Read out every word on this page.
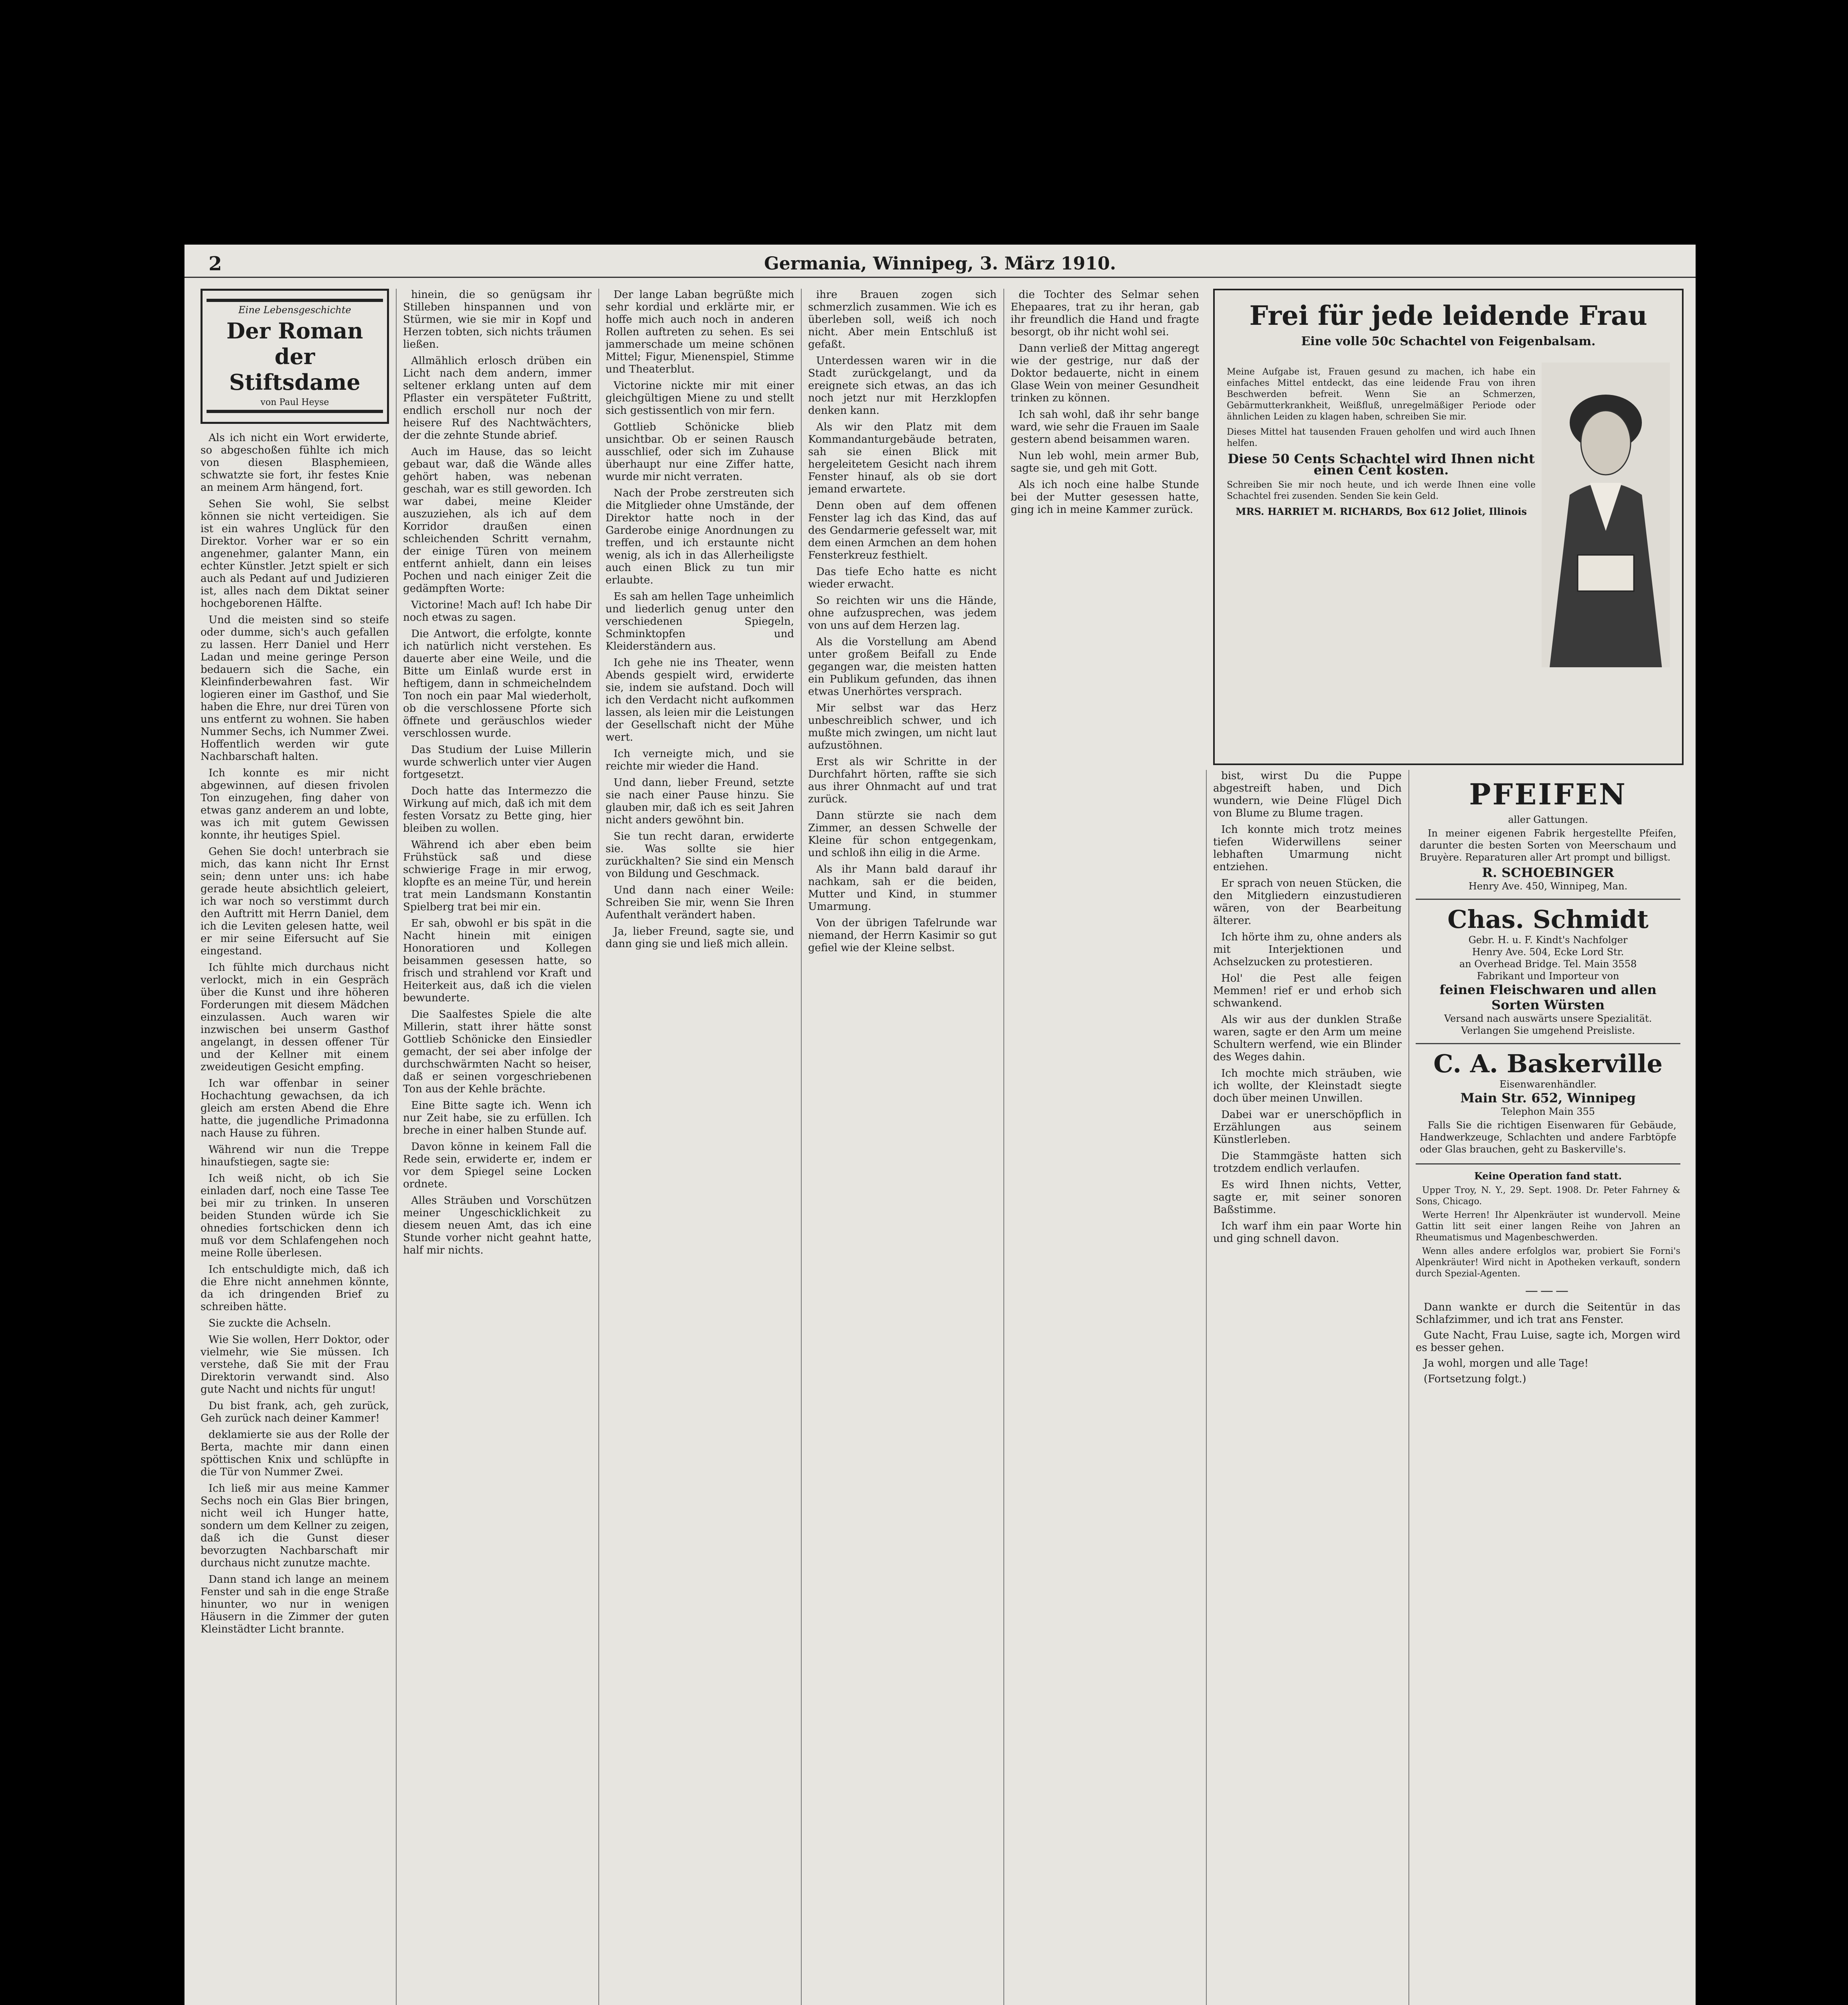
2	Germania, Winnipeg, 3. März 1910.
Eine Lebensgeschichte
Der Roman der Stiftsdame
von Paul Heyse

Als ich nicht ein Wort erwiderte, so abgeschoßen fühlte ich mich von diesen Blasphemieen, schwatzte sie fort, ihr festes Knie an meinem Arm hängend, fort.

Sehen Sie wohl, Sie selbst können sie nicht verteidigen. Sie ist ein wahres Unglück für den Direktor. Vorher war er so ein angenehmer, galanter Mann, ein echter Künstler. Jetzt spielt er sich auch als Pedant auf und Judizieren ist, alles nach dem Diktat seiner hochgeborenen Hälfte.

Und die meisten sind so steife oder dumme, sich's auch gefallen zu lassen. Herr Daniel und Herr Ladan und meine geringe Person bedauern sich die Sache, ein Kleinfinderbewahren fast. Wir logieren einer im Gasthof, und Sie haben die Ehre, nur drei Türen von uns entfernt zu wohnen. Sie haben Nummer Sechs, ich Nummer Zwei. Hoffentlich werden wir gute Nachbarschaft halten.

Ich konnte es mir nicht abgewinnen, auf diesen frivolen Ton einzugehen, fing daher von etwas ganz anderem an und lobte, was ich mit gutem Gewissen konnte, ihr heutiges Spiel.

Gehen Sie doch! unterbrach sie mich, das kann nicht Ihr Ernst sein; denn unter uns: ich habe gerade heute absichtlich geleiert, ich war noch so verstimmt durch den Auftritt mit Herrn Daniel, dem ich die Leviten gelesen hatte, weil er mir seine Eifersucht auf Sie eingestand.

Ich fühlte mich durchaus nicht verlockt, mich in ein Gespräch über die Kunst und ihre höheren Forderungen mit diesem Mädchen einzulassen. Auch waren wir inzwischen bei unserm Gasthof angelangt, in dessen offener Tür und der Kellner mit einem zweideutigen Gesicht empfing.

Ich war offenbar in seiner Hochachtung gewachsen, da ich gleich am ersten Abend die Ehre hatte, die jugendliche Primadonna nach Hause zu führen.

Während wir nun die Treppe hinaufstiegen, sagte sie:

Ich weiß nicht, ob ich Sie einladen darf, noch eine Tasse Tee bei mir zu trinken. In unseren beiden Stunden würde ich Sie ohnedies fortschicken denn ich muß vor dem Schlafengehen noch meine Rolle überlesen.

Ich entschuldigte mich, daß ich die Ehre nicht annehmen könnte, da ich dringenden Brief zu schreiben hätte.

Sie zuckte die Achseln.

Wie Sie wollen, Herr Doktor, oder vielmehr, wie Sie müssen. Ich verstehe, daß Sie mit der Frau Direktorin verwandt sind. Also gute Nacht und nichts für ungut!

Du bist frank, ach, geh zurück, Geh zurück nach deiner Kammer!

deklamierte sie aus der Rolle der Berta, machte mir dann einen spöttischen Knix und schlüpfte in die Tür von Nummer Zwei.

Ich ließ mir aus meine Kammer Sechs noch ein Glas Bier bringen, nicht weil ich Hunger hatte, sondern um dem Kellner zu zeigen, daß ich die Gunst dieser bevorzugten Nachbarschaft mir durchaus nicht zunutze machte.

Dann stand ich lange an meinem Fenster und sah in die enge Straße hinunter, wo nur in wenigen Häusern in die Zimmer der guten Kleinstädter Licht brannte.

hinein, die so genügsam ihr Stilleben hinspannen und von Stürmen, wie sie mir in Kopf und Herzen tobten, sich nichts träumen ließen.

Allmählich erlosch drüben ein Licht nach dem andern, immer seltener erklang unten auf dem Pflaster ein verspäteter Fußtritt, endlich erscholl nur noch der heisere Ruf des Nachtwächters, der die zehnte Stunde abrief.

Auch im Hause, das so leicht gebaut war, daß die Wände alles gehört haben, was nebenan geschah, war es still geworden. Ich war dabei, meine Kleider auszuziehen, als ich auf dem Korridor draußen einen schleichenden Schritt vernahm, der einige Türen von meinem entfernt anhielt, dann ein leises Pochen und nach einiger Zeit die gedämpften Worte:

Victorine! Mach auf! Ich habe Dir noch etwas zu sagen.

Die Antwort, die erfolgte, konnte ich natürlich nicht verstehen. Es dauerte aber eine Weile, und die Bitte um Einlaß wurde erst in heftigem, dann in schmeichelndem Ton noch ein paar Mal wiederholt, ob die verschlossene Pforte sich öffnete und geräuschlos wieder verschlossen wurde.

Das Studium der Luise Millerin wurde schwerlich unter vier Augen fortgesetzt.

Doch hatte das Intermezzo die Wirkung auf mich, daß ich mit dem festen Vorsatz zu Bette ging, hier bleiben zu wollen.

Während ich aber eben beim Frühstück saß und diese schwierige Frage in mir erwog, klopfte es an meine Tür, und herein trat mein Landsmann Konstantin Spielberg trat bei mir ein.

Er sah, obwohl er bis spät in die Nacht hinein mit einigen Honoratioren und Kollegen beisammen gesessen hatte, so frisch und strahlend vor Kraft und Heiterkeit aus, daß ich die vielen bewunderte.

Die Saalfestes Spiele die alte Millerin, statt ihrer hätte sonst Gottlieb Schönicke den Einsiedler gemacht, der sei aber infolge der durchschwärmten Nacht so heiser, daß er seinen vorgeschriebenen Ton aus der Kehle brächte.

Eine Bitte sagte ich. Wenn ich nur Zeit habe, sie zu erfüllen. Ich breche in einer halben Stunde auf.

Davon könne in keinem Fall die Rede sein, erwiderte er, indem er vor dem Spiegel seine Locken ordnete.

Alles Sträuben und Vorschützen meiner Ungeschicklichkeit zu diesem neuen Amt, das ich eine Stunde vorher nicht geahnt hatte, half mir nichts.

Der lange Laban begrüßte mich sehr kordial und erklärte mir, er hoffe mich auch noch in anderen Rollen auftreten zu sehen. Es sei jammerschade um meine schönen Mittel; Figur, Mienenspiel, Stimme und Theaterblut.

Victorine nickte mir mit einer gleichgültigen Miene zu und stellt sich gestissentlich von mir fern.

Gottlieb Schönicke blieb unsichtbar. Ob er seinen Rausch ausschlief, oder sich im Zuhause überhaupt nur eine Ziffer hatte, wurde mir nicht verraten.

Nach der Probe zerstreuten sich die Mitglieder ohne Umstände, der Direktor hatte noch in der Garderobe einige Anordnungen zu treffen, und ich erstaunte nicht wenig, als ich in das Allerheiligste auch einen Blick zu tun mir erlaubte.

Es sah am hellen Tage unheimlich und liederlich genug unter den verschiedenen Spiegeln, Schminktopfen und Kleiderständern aus.

Ich gehe nie ins Theater, wenn Abends gespielt wird, erwiderte sie, indem sie aufstand. Doch will ich den Verdacht nicht aufkommen lassen, als leien mir die Leistungen der Gesellschaft nicht der Mühe wert.

Ich verneigte mich, und sie reichte mir wieder die Hand.

Und dann, lieber Freund, setzte sie nach einer Pause hinzu. Sie glauben mir, daß ich es seit Jahren nicht anders gewöhnt bin.

Sie tun recht daran, erwiderte sie. Was sollte sie hier zurückhalten? Sie sind ein Mensch von Bildung und Geschmack.

Und dann nach einer Weile: Schreiben Sie mir, wenn Sie Ihren Aufenthalt verändert haben.

Ja, lieber Freund, sagte sie, und dann ging sie und ließ mich allein.

ihre Brauen zogen sich schmerzlich zusammen. Wie ich es überleben soll, weiß ich noch nicht. Aber mein Entschluß ist gefaßt.

Unterdessen waren wir in die Stadt zurückgelangt, und da ereignete sich etwas, an das ich noch jetzt nur mit Herzklopfen denken kann.

Als wir den Platz mit dem Kommandanturgebäude betraten, sah sie einen Blick mit hergeleitetem Gesicht nach ihrem Fenster hinauf, als ob sie dort jemand erwartete.

Denn oben auf dem offenen Fenster lag ich das Kind, das auf des Gendarmerie gefesselt war, mit dem einen Armchen an dem hohen Fensterkreuz festhielt.

Das tiefe Echo hatte es nicht wieder erwacht.

So reichten wir uns die Hände, ohne aufzusprechen, was jedem von uns auf dem Herzen lag.

Als die Vorstellung am Abend unter großem Beifall zu Ende gegangen war, die meisten hatten ein Publikum gefunden, das ihnen etwas Unerhörtes versprach.

Mir selbst war das Herz unbeschreiblich schwer, und ich mußte mich zwingen, um nicht laut aufzustöhnen.

Erst als wir Schritte in der Durchfahrt hörten, raffte sie sich aus ihrer Ohnmacht auf und trat zurück.

Dann stürzte sie nach dem Zimmer, an dessen Schwelle der Kleine für schon entgegenkam, und schloß ihn eilig in die Arme.

Als ihr Mann bald darauf ihr nachkam, sah er die beiden, Mutter und Kind, in stummer Umarmung.

Von der übrigen Tafelrunde war niemand, der Herrn Kasimir so gut gefiel wie der Kleine selbst.

die Tochter des Selmar sehen Ehepaares, trat zu ihr heran, gab ihr freundlich die Hand und fragte besorgt, ob ihr nicht wohl sei.

Dann verließ der Mittag angeregt wie der gestrige, nur daß der Doktor bedauerte, nicht in einem Glase Wein von meiner Gesundheit trinken zu können.

Ich sah wohl, daß ihr sehr bange ward, wie sehr die Frauen im Saale gestern abend beisammen waren.

Nun leb wohl, mein armer Bub, sagte sie, und geh mit Gott.

Als ich noch eine halbe Stunde bei der Mutter gesessen hatte, ging ich in meine Kammer zurück.

Frei für jede leidende Frau
Eine volle 50c Schachtel von Feigenbalsam.

Meine Aufgabe ist, Frauen gesund zu machen, ich habe ein einfaches Mittel entdeckt, das eine leidende Frau von ihren Beschwerden befreit. Wenn Sie an Schmerzen, Gebärmutterkrankheit, Weißfluß, unregelmäßiger Periode oder ähnlichen Leiden zu klagen haben, schreiben Sie mir.

Dieses Mittel hat tausenden Frauen geholfen und wird auch Ihnen helfen.

Diese 50 Cents Schachtel wird Ihnen nicht einen Cent kosten.

Schreiben Sie mir noch heute, und ich werde Ihnen eine volle Schachtel frei zusenden. Senden Sie kein Geld.

MRS. HARRIET M. RICHARDS, Box 612 Joliet, Illinois

bist, wirst Du die Puppe abgestreift haben, und Dich wundern, wie Deine Flügel Dich von Blume zu Blume tragen.

Ich konnte mich trotz meines tiefen Widerwillens seiner lebhaften Umarmung nicht entziehen.

Er sprach von neuen Stücken, die den Mitgliedern einzustudieren wären, von der Bearbeitung älterer.

Ich hörte ihm zu, ohne anders als mit Interjektionen und Achselzucken zu protestieren.

Hol' die Pest alle feigen Memmen! rief er und erhob sich schwankend.

Als wir aus der dunklen Straße waren, sagte er den Arm um meine Schultern werfend, wie ein Blinder des Weges dahin.

Ich mochte mich sträuben, wie ich wollte, der Kleinstadt siegte doch über meinen Unwillen.

Dabei war er unerschöpflich in Erzählungen aus seinem Künstlerleben.

Die Stammgäste hatten sich trotzdem endlich verlaufen.

Es wird Ihnen nichts, Vetter, sagte er, mit seiner sonoren Baßstimme.

Ich warf ihm ein paar Worte hin und ging schnell davon.

PFEIFEN
aller Gattungen.

In meiner eigenen Fabrik hergestellte Pfeifen, darunter die besten Sorten von Meerschaum und Bruyère. Reparaturen aller Art prompt und billigst.

R. SCHOEBINGER
Henry Ave. 450, Winnipeg, Man.
Chas. Schmidt
Gebr. H. u. F. Kindt's Nachfolger
Henry Ave. 504, Ecke Lord Str.
an Overhead Bridge. Tel. Main 3558
Fabrikant und Importeur von
feinen Fleischwaren und allen Sorten Würsten
Versand nach auswärts unsere Spezialität.
Verlangen Sie umgehend Preisliste.
C. A. Baskerville
Eisenwarenhändler.
Main Str. 652, Winnipeg
Telephon Main 355

Falls Sie die richtigen Eisenwaren für Gebäude, Handwerkzeuge, Schlachten und andere Farbtöpfe oder Glas brauchen, geht zu Baskerville's.

Keine Operation fand statt.

Upper Troy, N. Y., 29. Sept. 1908. Dr. Peter Fahrney & Sons, Chicago.

Werte Herren! Ihr Alpenkräuter ist wundervoll. Meine Gattin litt seit einer langen Reihe von Jahren an Rheumatismus und Magenbeschwerden.

Wenn alles andere erfolglos war, probiert Sie Forni's Alpenkräuter! Wird nicht in Apotheken verkauft, sondern durch Spezial-Agenten.

———

Dann wankte er durch die Seitentür in das Schlafzimmer, und ich trat ans Fenster.

Gute Nacht, Frau Luise, sagte ich, Morgen wird es besser gehen.

Ja wohl, morgen und alle Tage!

(Fortsetzung folgt.)
